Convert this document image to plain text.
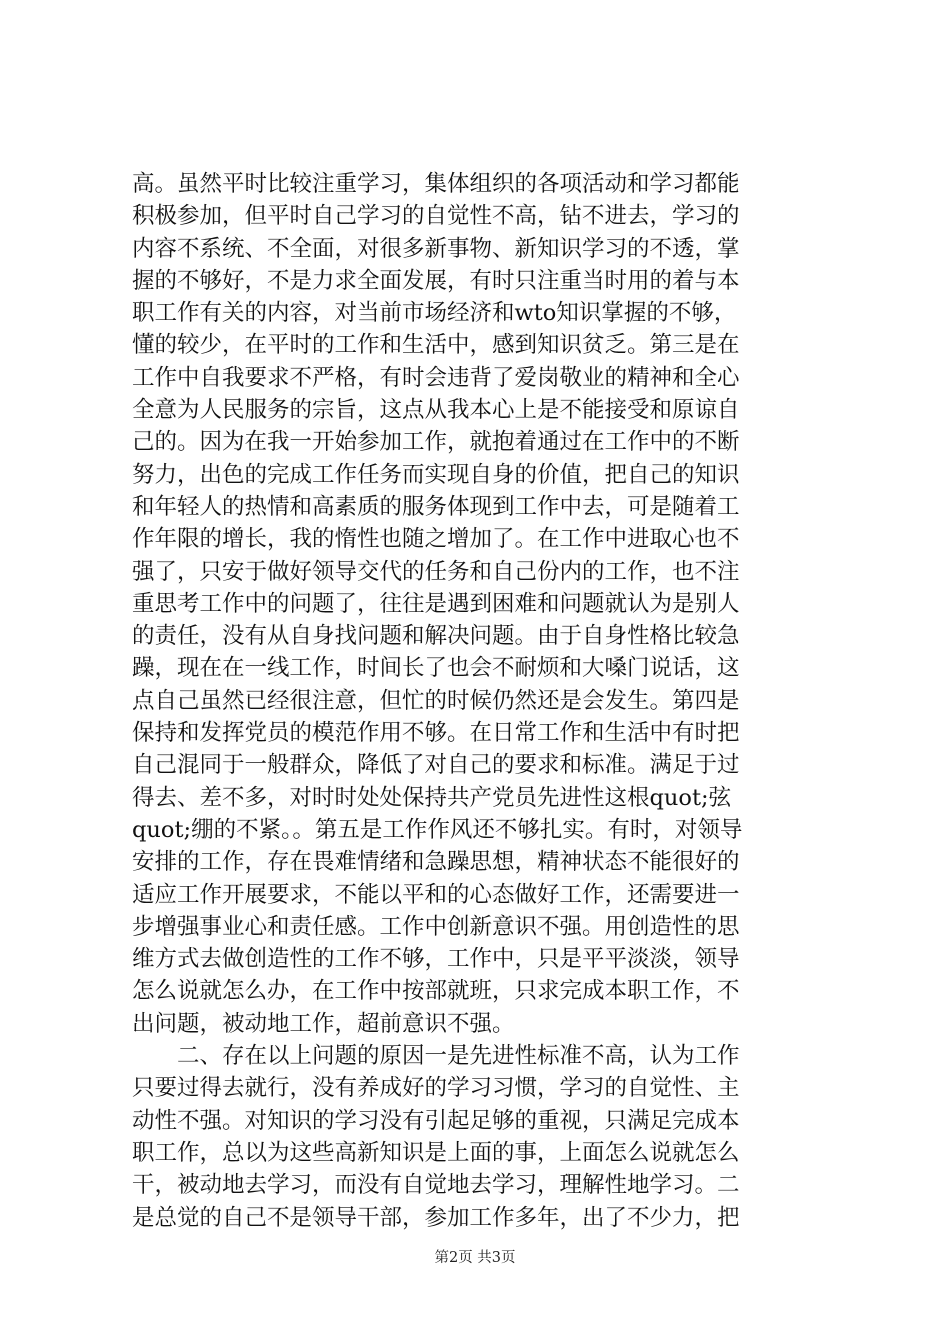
高。虽然平时比较注重学习，集体组织的各项活动和学习都能
积极参加，但平时自己学习的自觉性不高，钻不进去，学习的
内容不系统、不全面，对很多新事物、新知识学习的不透，掌
握的不够好，不是力求全面发展，有时只注重当时用的着与本
职工作有关的内容，对当前市场经济和wto知识掌握的不够，
懂的较少，在平时的工作和生活中，感到知识贫乏。第三是在
工作中自我要求不严格，有时会违背了爱岗敬业的精神和全心
全意为人民服务的宗旨，这点从我本心上是不能接受和原谅自
己的。因为在我一开始参加工作，就抱着通过在工作中的不断
努力，出色的完成工作任务而实现自身的价值，把自己的知识
和年轻人的热情和高素质的服务体现到工作中去，可是随着工
作年限的增长，我的惰性也随之增加了。在工作中进取心也不
强了，只安于做好领导交代的任务和自己份内的工作，也不注
重思考工作中的问题了，往往是遇到困难和问题就认为是别人
的责任，没有从自身找问题和解决问题。由于自身性格比较急
躁，现在在一线工作，时间长了也会不耐烦和大嗓门说话，这
点自己虽然已经很注意，但忙的时候仍然还是会发生。第四是
保持和发挥党员的模范作用不够。在日常工作和生活中有时把
自己混同于一般群众，降低了对自己的要求和标准。满足于过
得去、差不多，对时时处处保持共产党员先进性这根quot;弦
quot;绷的不紧。。第五是工作作风还不够扎实。有时，对领导
安排的工作，存在畏难情绪和急躁思想，精神状态不能很好的
适应工作开展要求，不能以平和的心态做好工作，还需要进一
步增强事业心和责任感。工作中创新意识不强。用创造性的思
维方式去做创造性的工作不够，工作中，只是平平淡淡，领导
怎么说就怎么办，在工作中按部就班，只求完成本职工作，不
出问题，被动地工作，超前意识不强。
二、存在以上问题的原因一是先进性标准不高，认为工作
只要过得去就行，没有养成好的学习习惯，学习的自觉性、主
动性不强。对知识的学习没有引起足够的重视，只满足完成本
职工作，总以为这些高新知识是上面的事，上面怎么说就怎么
干，被动地去学习，而没有自觉地去学习，理解性地学习。二
是总觉的自己不是领导干部，参加工作多年，出了不少力，把
第2页 共3页
